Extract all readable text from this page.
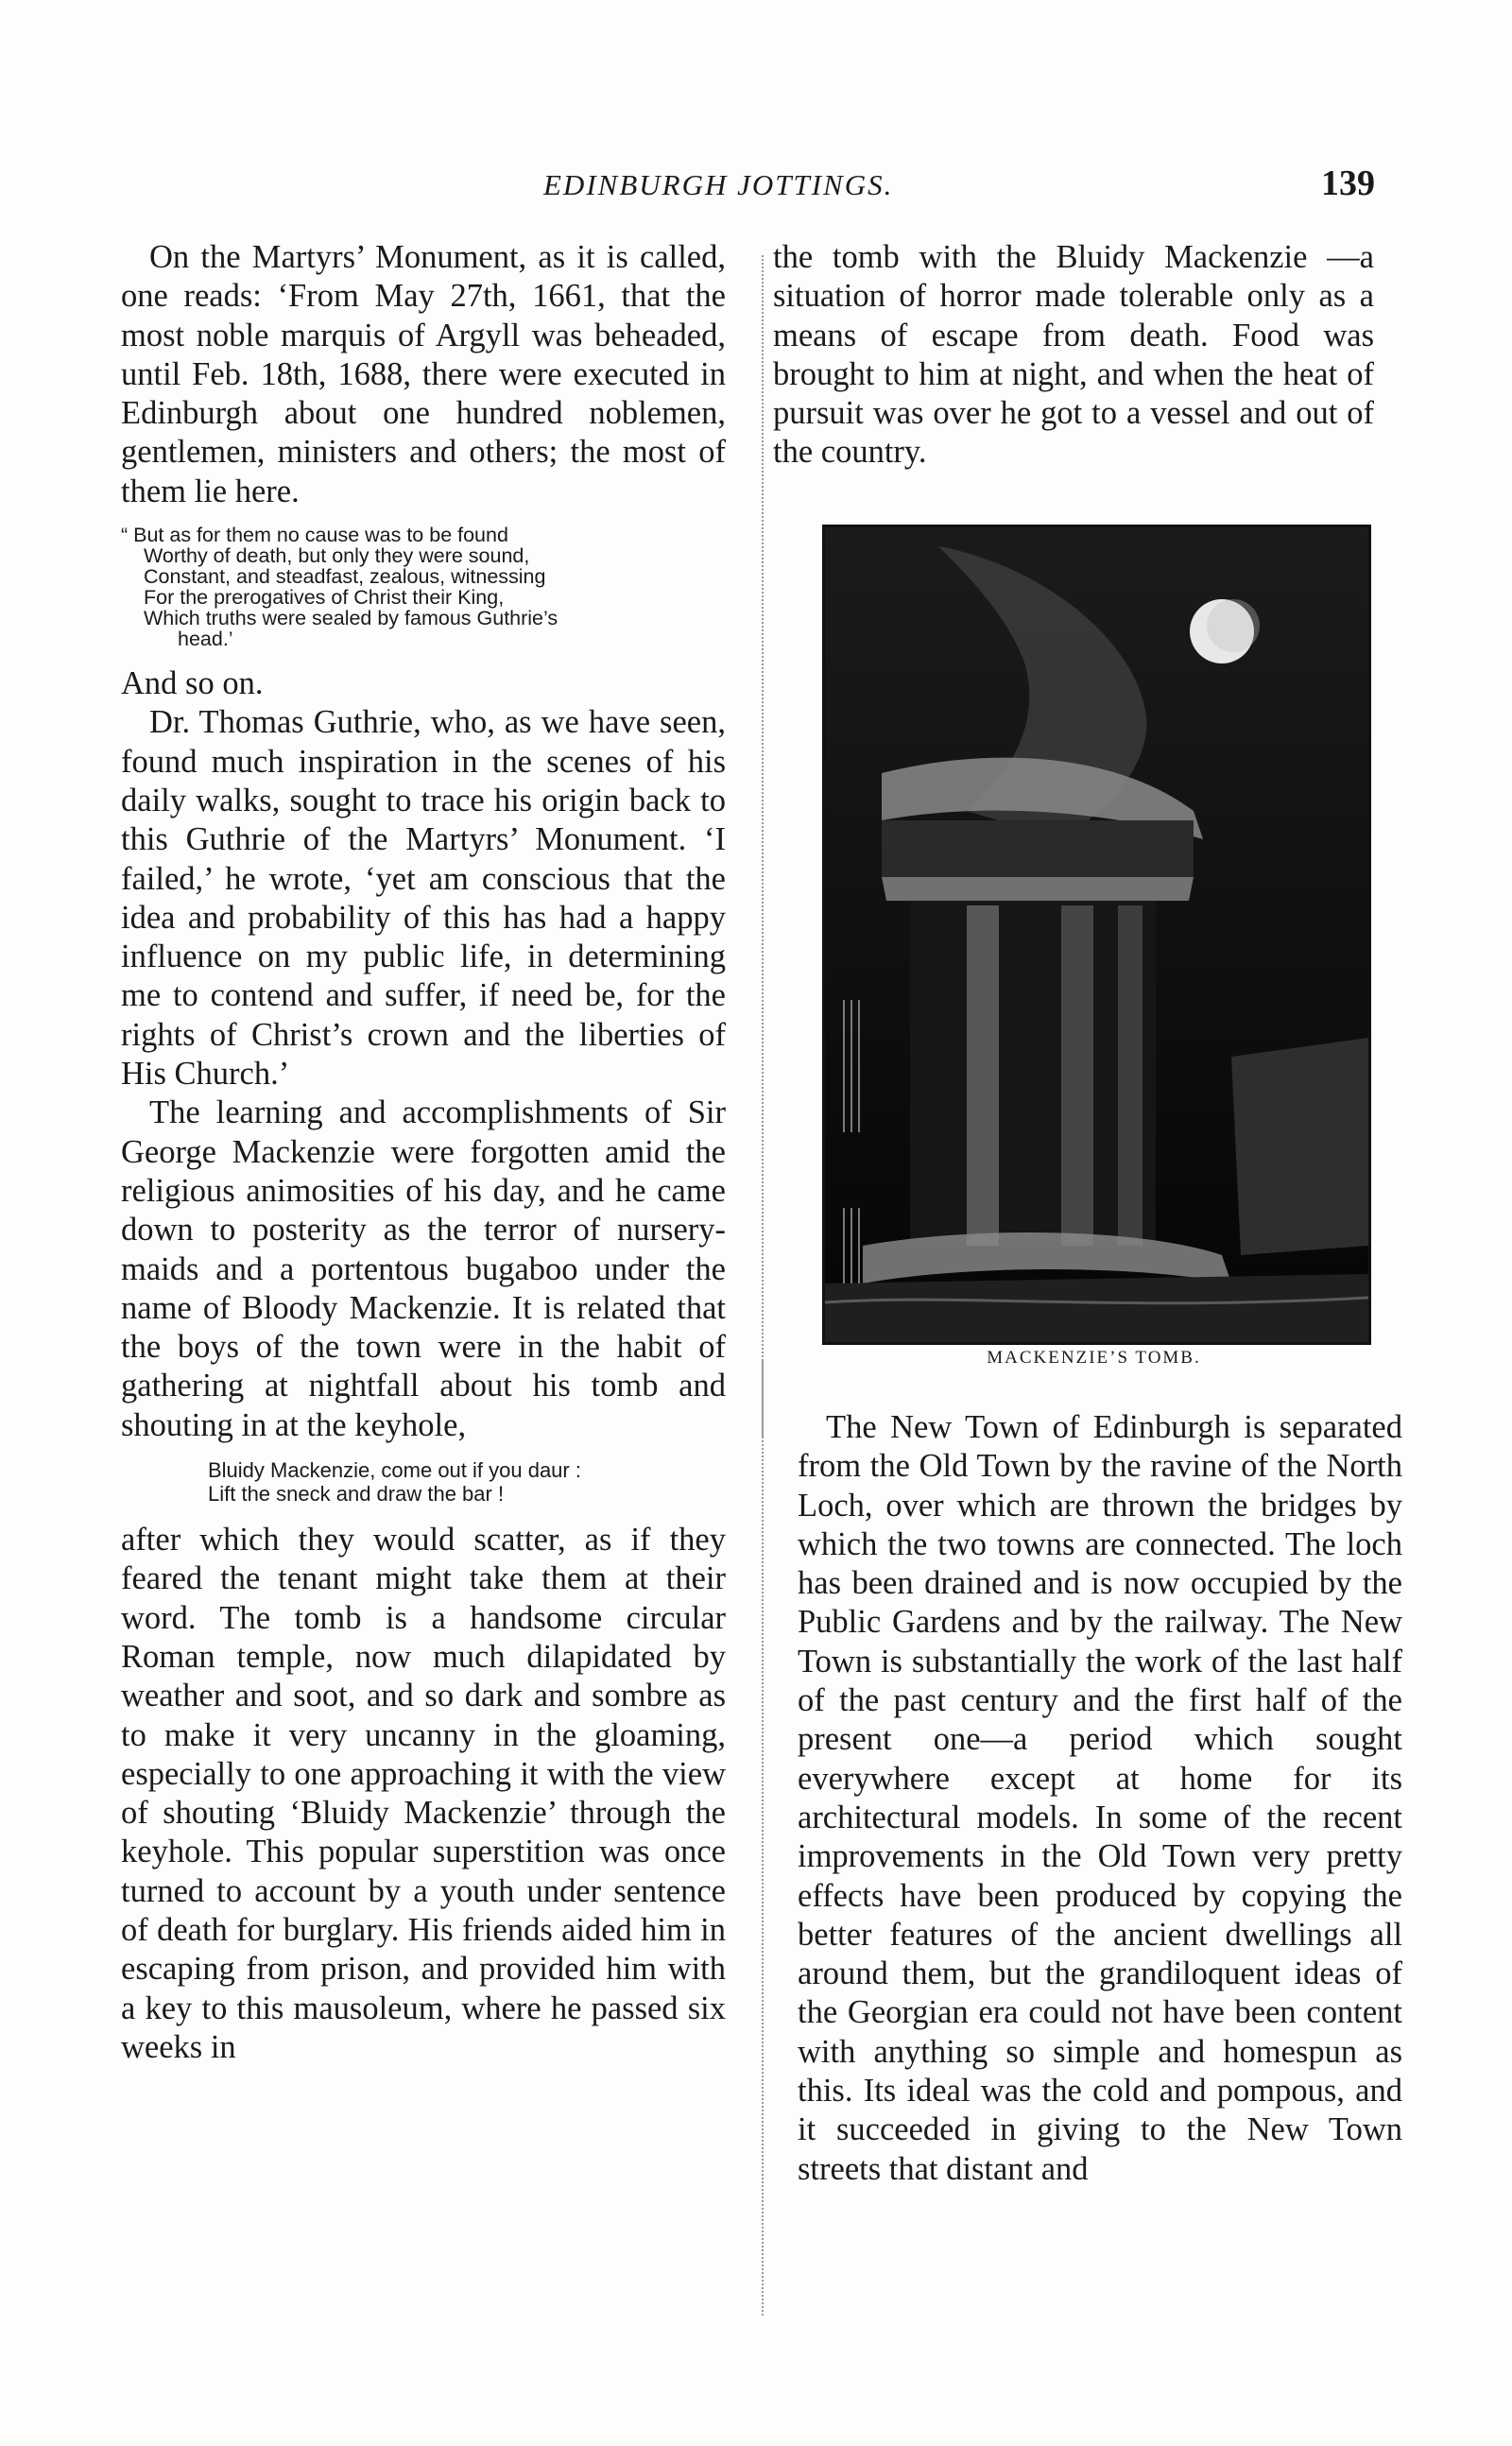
EDINBURGH JOTTINGS.	139

On the Martyrs’ Monument, as it is called, one reads: ‘From May 27th, 1661, that the most noble marquis of Argyll was beheaded, until Feb. 18th, 1688, there were executed in Edinburgh about one hundred noblemen, gentlemen, ministers and others; the most of them lie here.

“ But as for them no cause was to be found
Worthy of death, but only they were sound,
Constant, and steadfast, zealous, witnessing
For the prerogatives of Christ their King,
Which truths were sealed by famous Guthrie’s
head.’

And so on.

Dr. Thomas Guthrie, who, as we have seen, found much inspiration in the scenes of his daily walks, sought to trace his origin back to this Guthrie of the Martyrs’ Monument. ‘I failed,’ he wrote, ‘yet am conscious that the idea and probability of this has had a happy influence on my public life, in determining me to contend and suffer, if need be, for the rights of Christ’s crown and the liberties of His Church.’

The learning and accomplishments of Sir George Mackenzie were forgotten amid the religious animosities of his day, and he came down to posterity as the terror of nursery-maids and a portentous bugaboo under the name of Bloody Mackenzie. It is related that the boys of the town were in the habit of gathering at nightfall about his tomb and shouting in at the keyhole,

Bluidy Mackenzie, come out if you daur :
Lift the sneck and draw the bar !

after which they would scatter, as if they feared the tenant might take them at their word. The tomb is a handsome circular Roman temple, now much dilapidated by weather and soot, and so dark and sombre as to make it very uncanny in the gloaming, especially to one approaching it with the view of shouting ‘Bluidy Mackenzie’ through the keyhole. This popular superstition was once turned to account by a youth under sentence of death for burglary. His friends aided him in escaping from prison, and provided him with a key to this mausoleum, where he passed six weeks in

the tomb with the Bluidy Mackenzie —a situation of horror made tolerable only as a means of escape from death. Food was brought to him at night, and when the heat of pursuit was over he got to a vessel and out of the country.

MACKENZIE’S TOMB.

The New Town of Edinburgh is separated from the Old Town by the ravine of the North Loch, over which are thrown the bridges by which the two towns are connected. The loch has been drained and is now occupied by the Public Gardens and by the railway. The New Town is substantially the work of the last half of the past century and the first half of the present one—a period which sought everywhere except at home for its architectural models. In some of the recent improvements in the Old Town very pretty effects have been produced by copying the better features of the ancient dwellings all around them, but the grandiloquent ideas of the Georgian era could not have been content with anything so simple and homespun as this. Its ideal was the cold and pompous, and it succeeded in giving to the New Town streets that distant and
